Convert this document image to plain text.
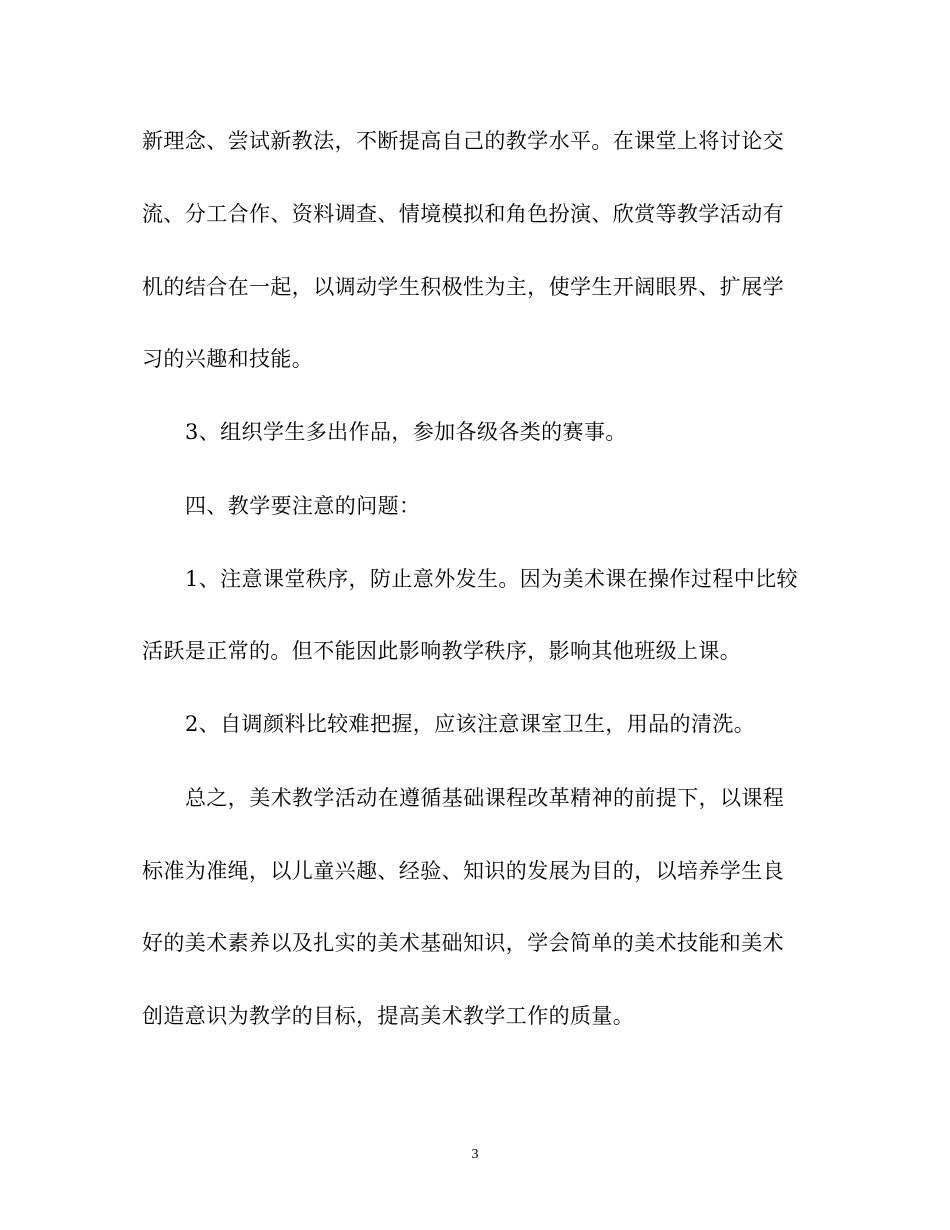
新理念、尝试新教法，不断提高自己的教学水平。在课堂上将讨论交
流、分工合作、资料调查、情境模拟和角色扮演、欣赏等教学活动有
机的结合在一起，以调动学生积极性为主，使学生开阔眼界、扩展学
习的兴趣和技能。
3、组织学生多出作品，参加各级各类的赛事。
四、教学要注意的问题：
1、注意课堂秩序，防止意外发生。因为美术课在操作过程中比较
活跃是正常的。但不能因此影响教学秩序，影响其他班级上课。
2、自调颜料比较难把握，应该注意课室卫生，用品的清洗。
总之，美术教学活动在遵循基础课程改革精神的前提下，以课程
标准为准绳，以儿童兴趣、经验、知识的发展为目的，以培养学生良
好的美术素养以及扎实的美术基础知识，学会简单的美术技能和美术
创造意识为教学的目标，提高美术教学工作的质量。
3
